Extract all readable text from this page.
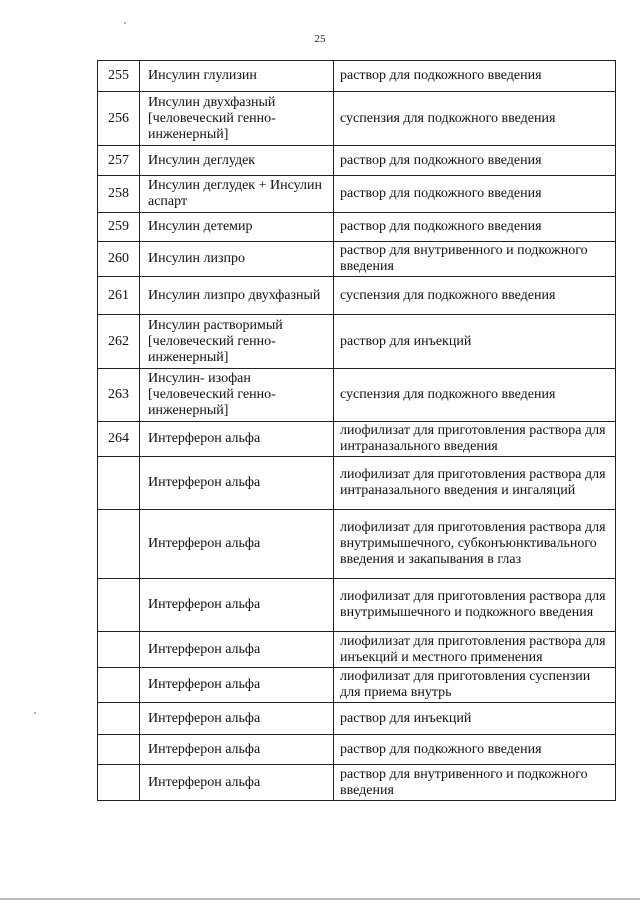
25
255	Инсулин глулизин	раствор для подкожного введения
256	Инсулин двухфазный [человеческий генно-инженерный]	суспензия для подкожного введения
257	Инсулин деглудек	раствор для подкожного введения
258	Инсулин деглудек + Инсулин аспарт	раствор для подкожного введения
259	Инсулин детемир	раствор для подкожного введения
260	Инсулин лизпро	раствор для внутривенного и подкожного введения
261	Инсулин лизпро двухфазный	суспензия для подкожного введения
262	Инсулин растворимый [человеческий генно-инженерный]	раствор для инъекций
263	Инсулин- изофан [человеческий генно-инженерный]	суспензия для подкожного введения
264	Интерферон альфа	лиофилизат для приготовления раствора для интраназального введения
	Интерферон альфа	лиофилизат для приготовления раствора для интраназального введения и ингаляций
	Интерферон альфа	лиофилизат для приготовления раствора для внутримышечного, субконъюнктивального введения и закапывания в глаз
	Интерферон альфа	лиофилизат для приготовления раствора для внутримышечного и подкожного введения
	Интерферон альфа	лиофилизат для приготовления раствора для инъекций и местного применения
	Интерферон альфа	лиофилизат для приготовления суспензии для приема внутрь
	Интерферон альфа	раствор для инъекций
	Интерферон альфа	раствор для подкожного введения
	Интерферон альфа	раствор для внутривенного и подкожного введения
